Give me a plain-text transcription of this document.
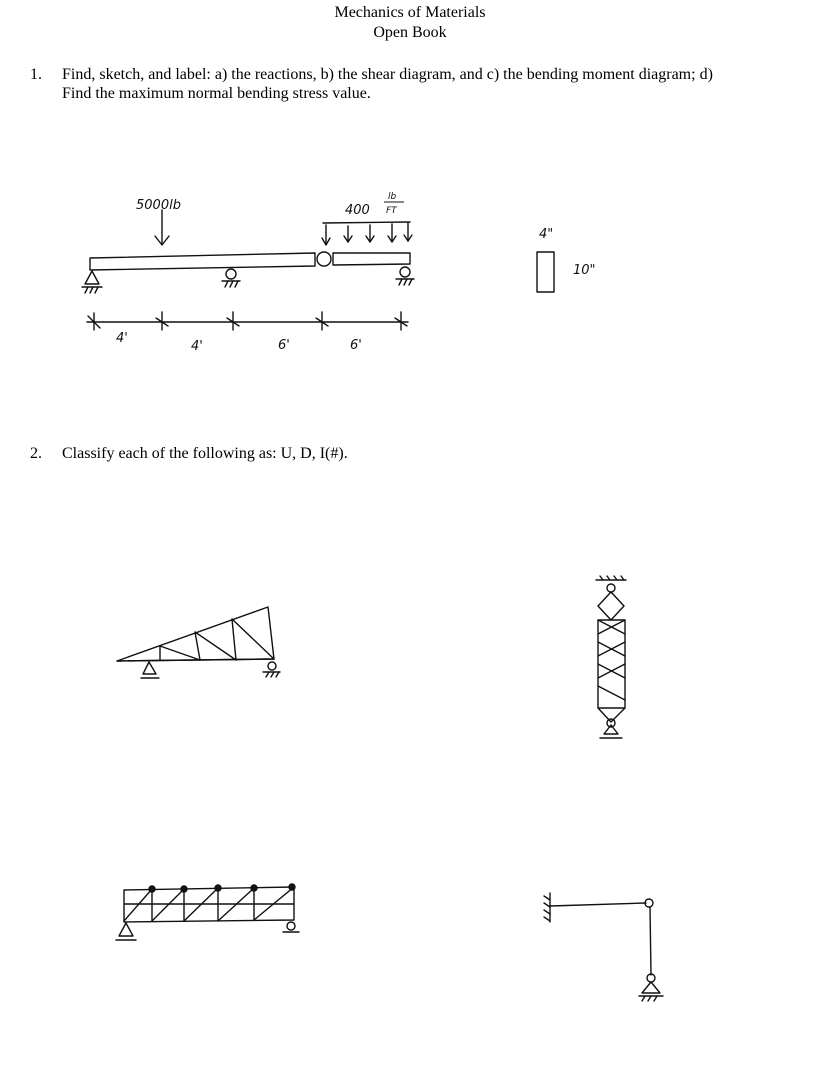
Mechanics of Materials
Open Book
1. Find, sketch, and label: a) the reactions, b) the shear diagram, and c) the bending moment diagram; d)
Find the maximum normal bending stress value.
2. Classify each of the following as: U, D, I(#).
5000lb	400
lb
FT
4'
4'	6'	6'
4"
10"
